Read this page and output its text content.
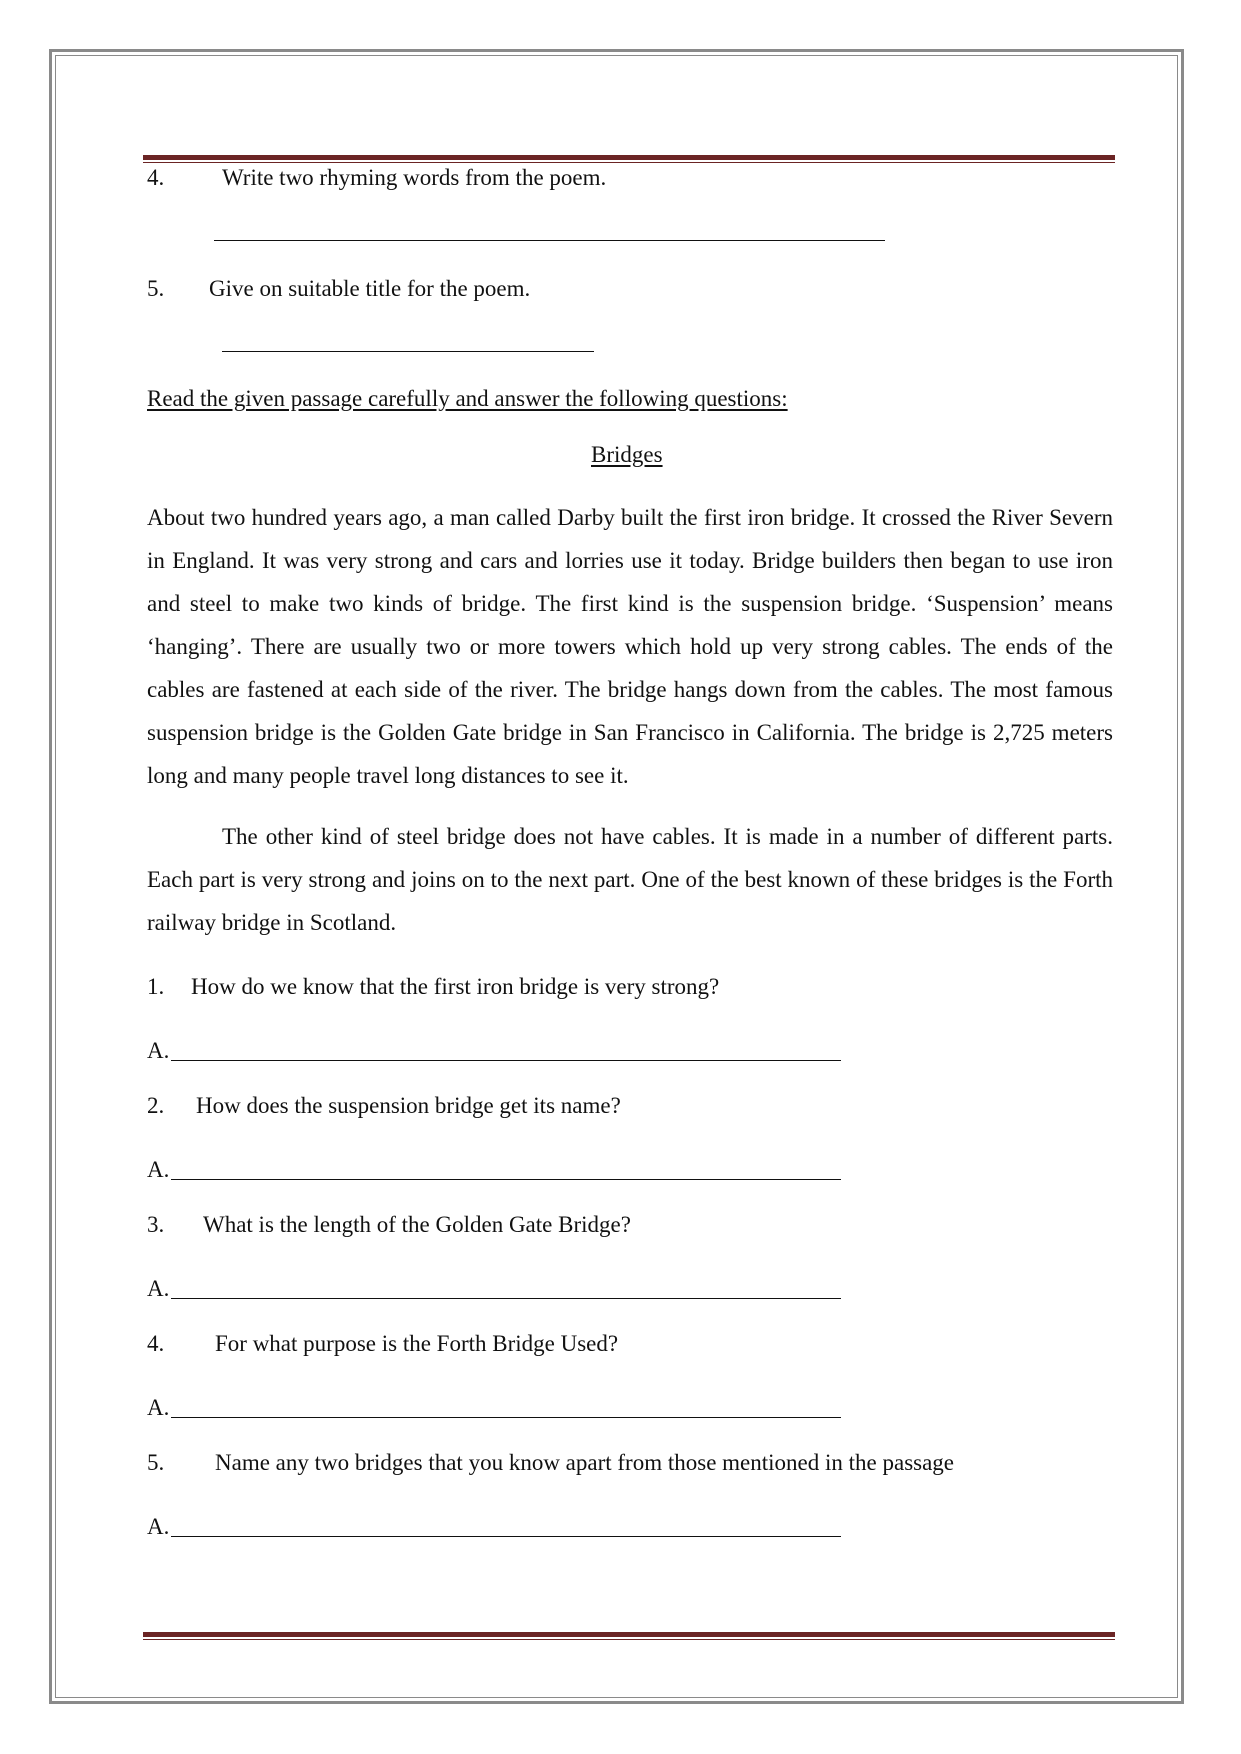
4.	Write two rhyming words from the poem.
5. Give on suitable title for the poem.
Read the given passage carefully and answer the following questions:
Bridges

About two hundred years ago, a man called Darby built the first iron bridge. It crossed the River Severn in England. It was very strong and cars and lorries use it today. Bridge builders then began to use iron and steel to make two kinds of bridge. The first kind is the suspension bridge. ‘Suspension’ means ‘hanging’. There are usually two or more towers which hold up very strong cables. The ends of the cables are fastened at each side of the river. The bridge hangs down from the cables. The most famous suspension bridge is the Golden Gate bridge in San Francisco in California. The bridge is 2,725 meters long and many people travel long distances to see it.

The other kind of steel bridge does not have cables. It is made in a number of different parts. Each part is very strong and joins on to the next part. One of the best known of these bridges is the Forth railway bridge in Scotland.

1. How do we know that the first iron bridge is very strong?
A.
2. How does the suspension bridge get its name?
A.
3. What is the length of the Golden Gate Bridge?
A.
4. For what purpose is the Forth Bridge Used?
A.
5. Name any two bridges that you know apart from those mentioned in the passage
A.
